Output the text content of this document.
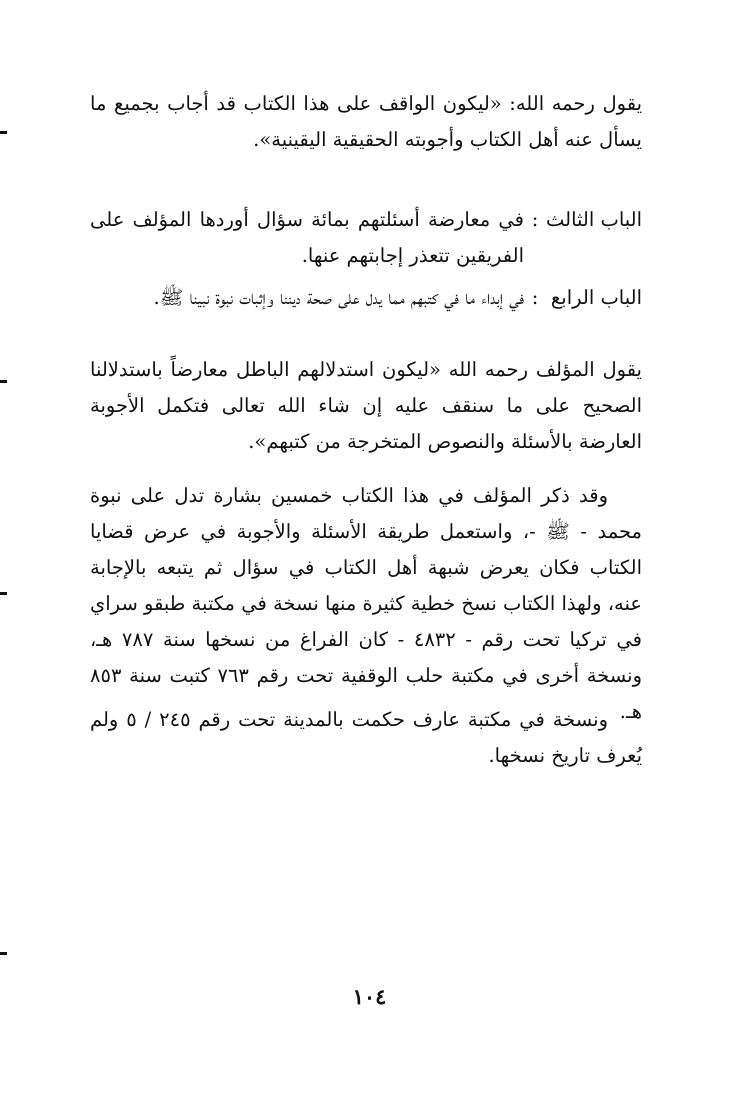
يقول رحمه الله: «ليكون الواقف على هذا الكتاب قد أجاب بجميع ما يسأل عنه أهل الكتاب وأجوبته الحقيقية اليقينية».

الباب الثالث
:
في معارضة أسئلتهم بمائة سؤال أوردها المؤلف على الفريقين تتعذر إجابتهم عنها.
الباب الرابع
:
في إبداء ما في كتبهم مما يدل على صحة ديننا وإثبات نبوة نبينا ﷺ.

يقول المؤلف رحمه الله «ليكون استدلالهم الباطل معارضاً باستدلالنا الصحيح على ما سنقف عليه إن شاء الله تعالى فتكمل الأجوبة العارضة بالأسئلة والنصوص المتخرجة من كتبهم».

وقد ذكر المؤلف في هذا الكتاب خمسين بشارة تدل على نبوة محمد - ﷺ -، واستعمل طريقة الأسئلة والأجوبة في عرض قضايا الكتاب فكان يعرض شبهة أهل الكتاب في سؤال ثم يتبعه بالإجابة عنه، ولهذا الكتاب نسخ خطية كثيرة منها نسخة في مكتبة طبقو سراي في تركيا تحت رقم - ٤٨٣٢ - كان الفراغ من نسخها سنة ٧٨٧ هـ، ونسخة أخرى في مكتبة حلب الوقفية تحت رقم ٧٦٣ كتبت سنة ٨٥٣ هـ.

ونسخة في مكتبة عارف حكمت بالمدينة تحت رقم ٢٤٥ / ٥ ولم يُعرف تاريخ نسخها.

١٠٤
